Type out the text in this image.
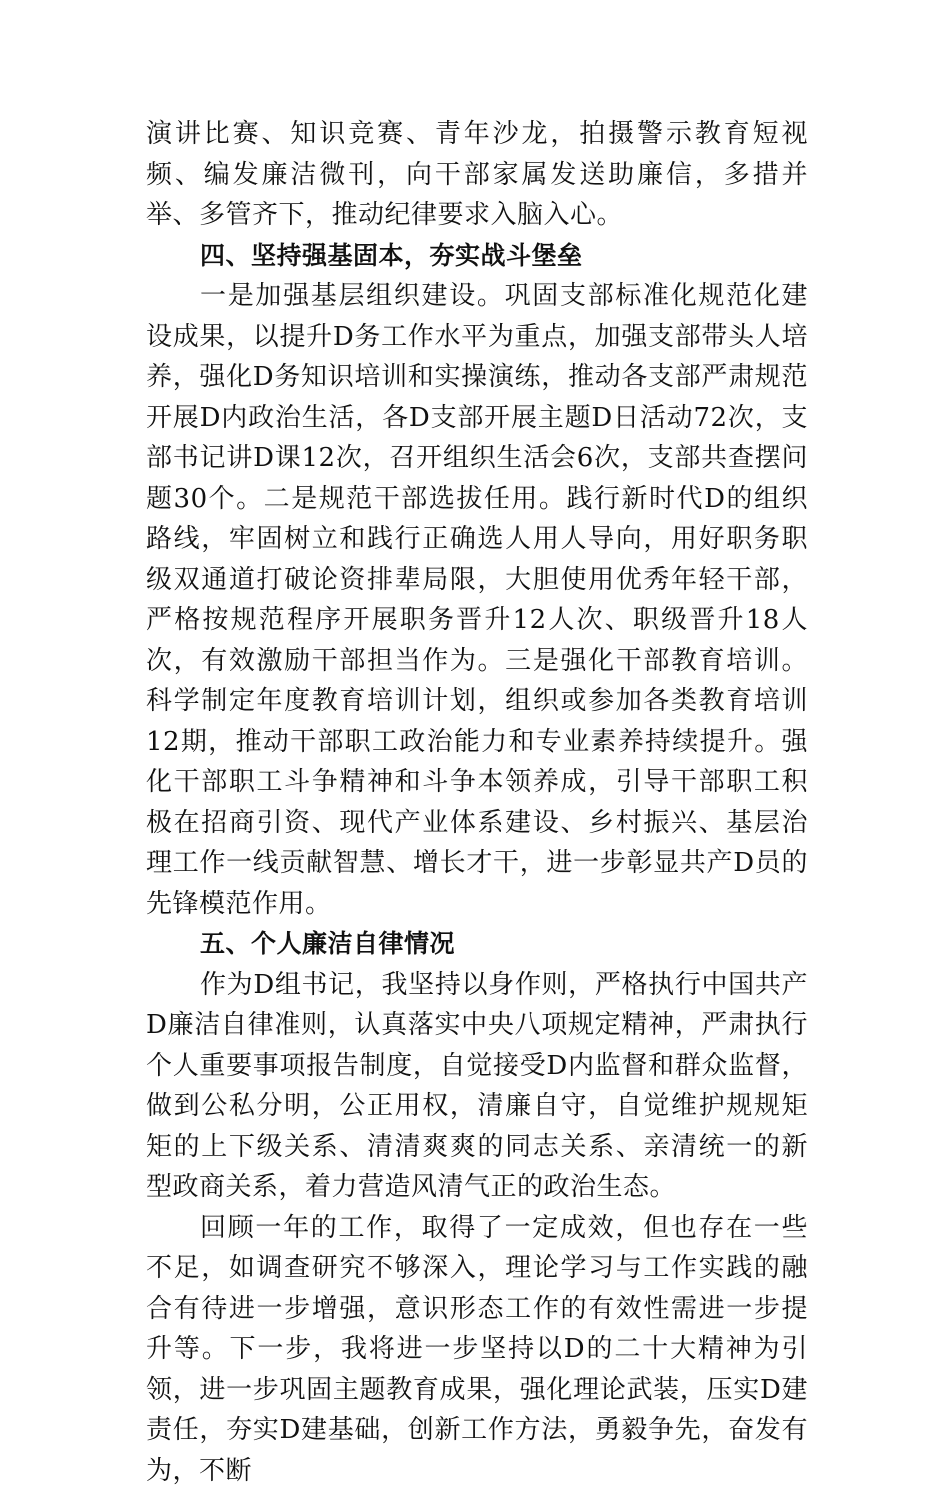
演讲比赛、知识竞赛、青年沙龙，拍摄警示教育短视频、编发廉洁微刊，向干部家属发送助廉信，多措并举、多管齐下，推动纪律要求入脑入心。

四、坚持强基固本，夯实战斗堡垒

一是加强基层组织建设。巩固支部标准化规范化建设成果，以提升D务工作水平为重点，加强支部带头人培养，强化D务知识培训和实操演练，推动各支部严肃规范开展D内政治生活，各D支部开展主题D日活动72次，支部书记讲D课12次，召开组织生活会6次，支部共查摆问题30个。二是规范干部选拔任用。践行新时代D的组织路线，牢固树立和践行正确选人用人导向，用好职务职级双通道打破论资排辈局限，大胆使用优秀年轻干部，严格按规范程序开展职务晋升12人次、职级晋升18人次，有效激励干部担当作为。三是强化干部教育培训。科学制定年度教育培训计划，组织或参加各类教育培训12期，推动干部职工政治能力和专业素养持续提升。强化干部职工斗争精神和斗争本领养成，引导干部职工积极在招商引资、现代产业体系建设、乡村振兴、基层治理工作一线贡献智慧、增长才干，进一步彰显共产D员的先锋模范作用。

五、个人廉洁自律情况

作为D组书记，我坚持以身作则，严格执行中国共产D廉洁自律准则，认真落实中央八项规定精神，严肃执行个人重要事项报告制度，自觉接受D内监督和群众监督，做到公私分明，公正用权，清廉自守，自觉维护规规矩矩的上下级关系、清清爽爽的同志关系、亲清统一的新型政商关系，着力营造风清气正的政治生态。

回顾一年的工作，取得了一定成效，但也存在一些不足，如调查研究不够深入，理论学习与工作实践的融合有待进一步增强，意识形态工作的有效性需进一步提升等。下一步，我将进一步坚持以D的二十大精神为引领，进一步巩固主题教育成果，强化理论武装，压实D建责任，夯实D建基础，创新工作方法，勇毅争先，奋发有为，不断
